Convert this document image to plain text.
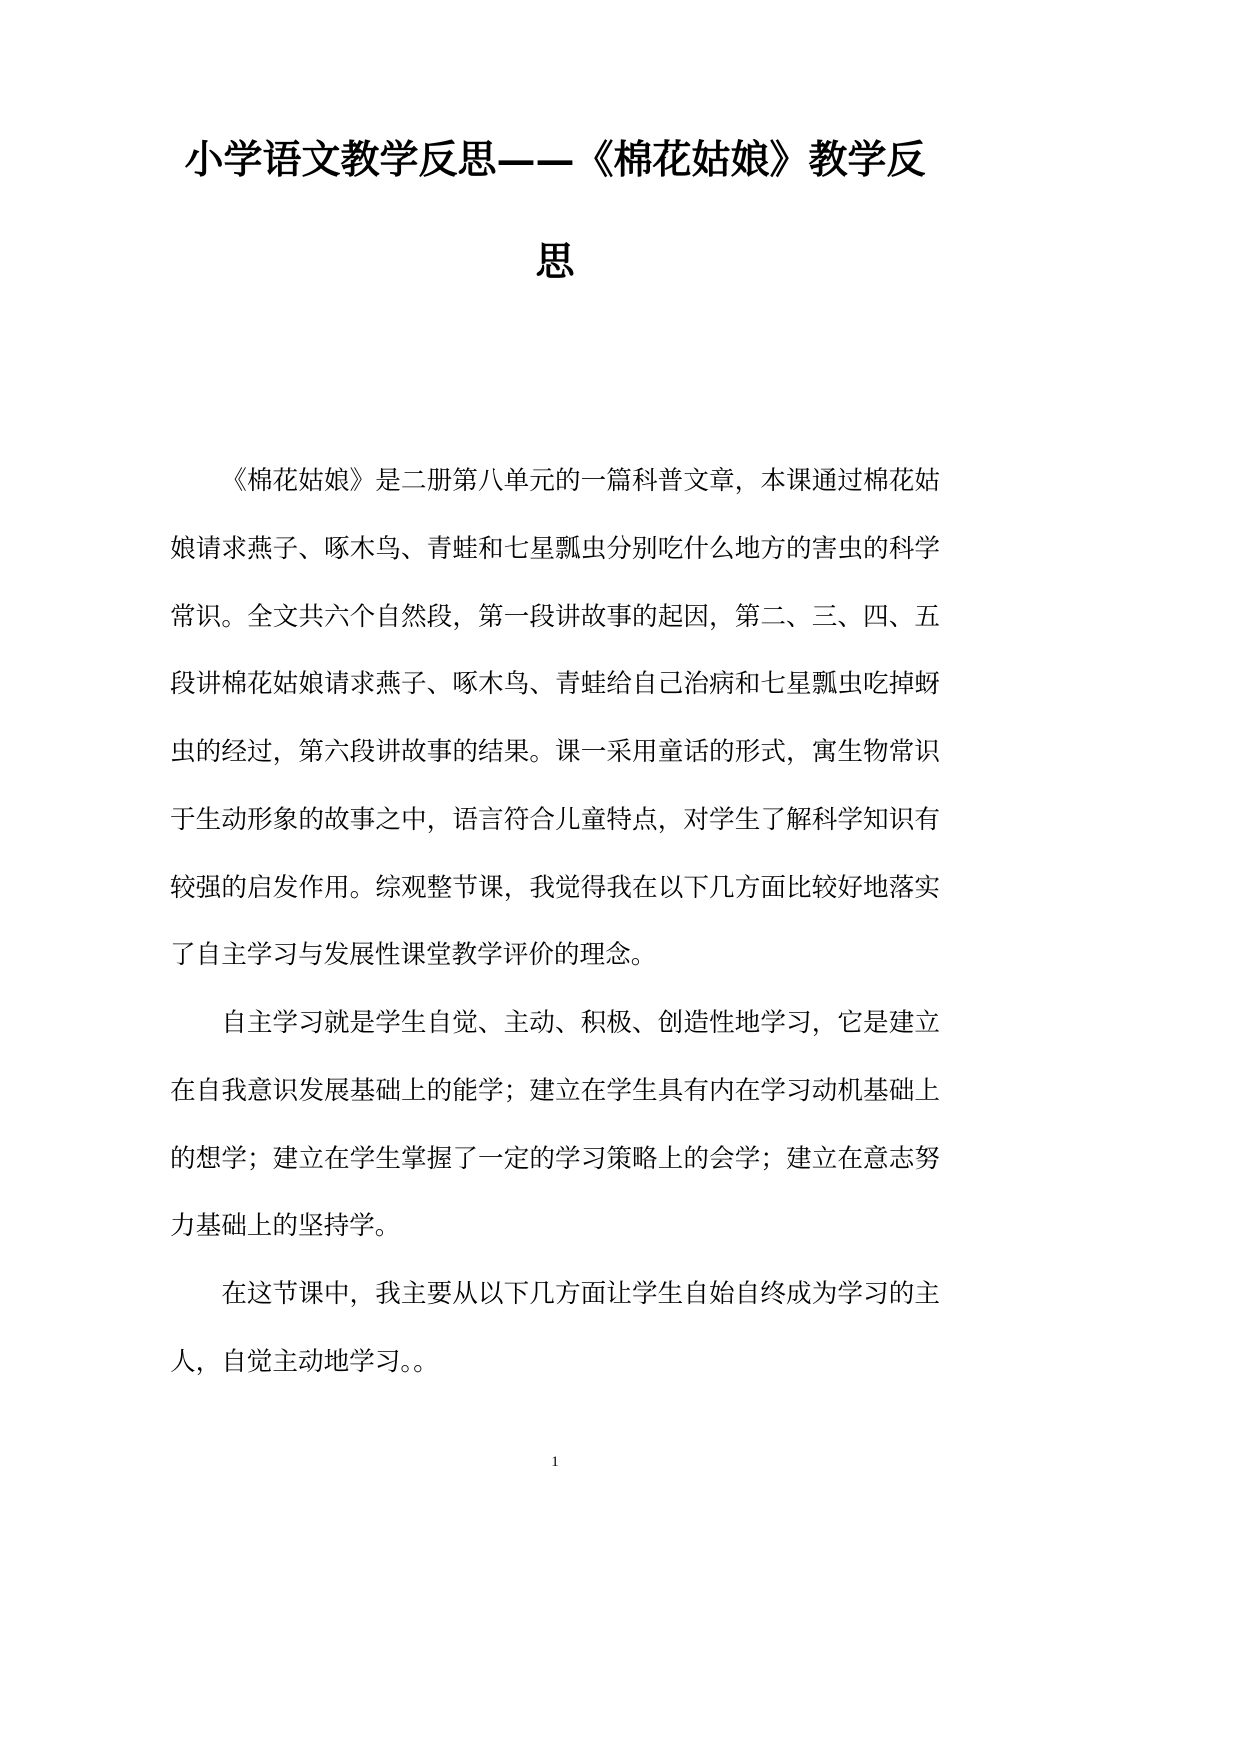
小学语文教学反思——《棉花姑娘》教学反
思
《棉花姑娘》是二册第八单元的一篇科普文章，本课通过棉花姑
娘请求燕子、啄木鸟、青蛙和七星瓢虫分别吃什么地方的害虫的科学
常识。全文共六个自然段，第一段讲故事的起因，第二、三、四、五
段讲棉花姑娘请求燕子、啄木鸟、青蛙给自己治病和七星瓢虫吃掉蚜
虫的经过，第六段讲故事的结果。课一采用童话的形式，寓生物常识
于生动形象的故事之中，语言符合儿童特点，对学生了解科学知识有
较强的启发作用。综观整节课，我觉得我在以下几方面比较好地落实
了自主学习与发展性课堂教学评价的理念。
自主学习就是学生自觉、主动、积极、创造性地学习，它是建立
在自我意识发展基础上的能学；建立在学生具有内在学习动机基础上
的想学；建立在学生掌握了一定的学习策略上的会学；建立在意志努
力基础上的坚持学。
在这节课中，我主要从以下几方面让学生自始自终成为学习的主
人，自觉主动地学习。。
1
